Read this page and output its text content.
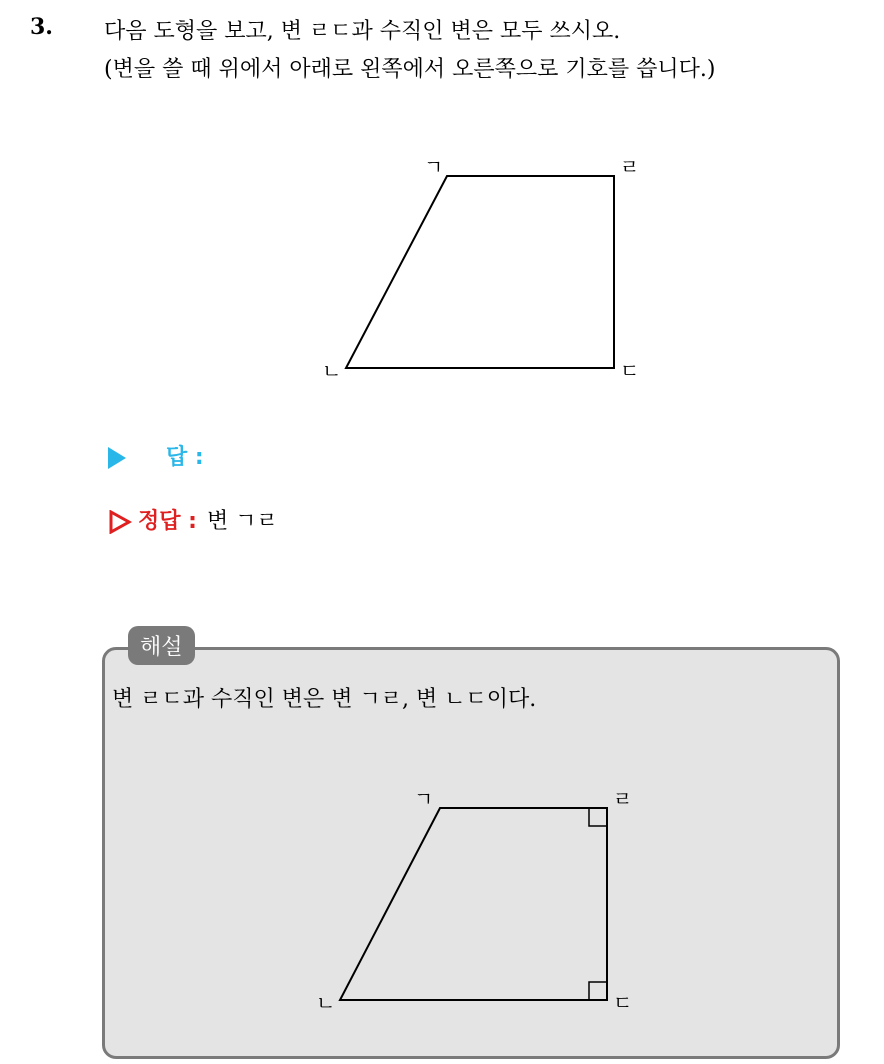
3. 다음 도형을 보고, 변 ㄹㄷ과 수직인 변은 모두 쓰시오.
(변을 쓸 때 위에서 아래로 왼쪽에서 오른쪽으로 기호를 씁니다.)
ㄱ	ㄹ
ㄴ	ㄷ
답 :
정답 : 변 ㄱㄹ
해설
변 ㄹㄷ과 수직인 변은 변 ㄱㄹ, 변 ㄴㄷ이다.
ㄱ	ㄹ
ㄴ	ㄷ
